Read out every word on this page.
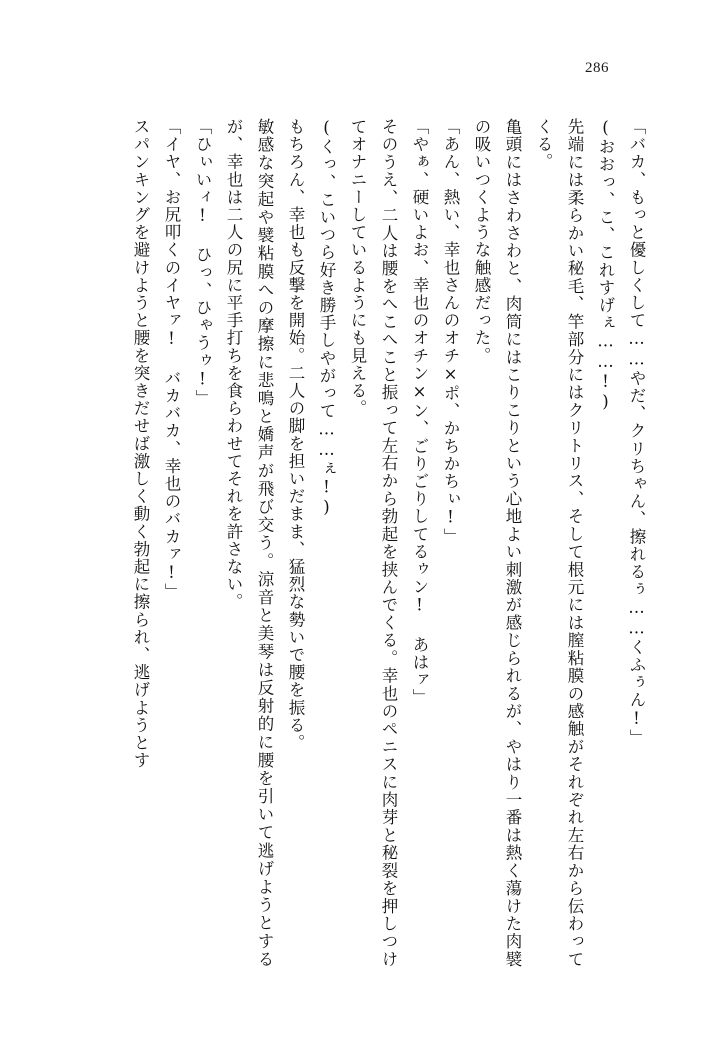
286

「バカ、もっと優しくして……やだ、クリちゃん、擦れるぅ……くふぅん!」

(おおっ、こ、これすげぇ……!)

先端には柔らかい秘毛、竿部分にはクリトリス、そして根元には膣粘膜の感触がそれぞれ左右から伝わってくる。

亀頭にはさわさわと、肉筒にはこりこりという心地よい刺激が感じられるが、やはり一番は熱く蕩けた肉襞の吸いつくような触感だった。

「あん、熱い、幸也さんのオチ×ポ、かちかちぃ!」

「やぁ、硬いよお、幸也のオチン×ン、ごりごりしてるゥン! あはァ」

そのうえ、二人は腰をへこへこと振って左右から勃起を挟んでくる。幸也のペニスに肉芽と秘裂を押しつけてオナニーしているようにも見える。

(くっ、こいつら好き勝手しやがって……ぇ!)

もちろん、幸也も反撃を開始。二人の脚を担いだまま、猛烈な勢いで腰を振る。

敏感な突起や襞粘膜への摩擦に悲鳴と嬌声が飛び交う。涼音と美琴は反射的に腰を引いて逃げようとするが、幸也は二人の尻に平手打ちを食らわせてそれを許さない。

「ひぃいィ! ひっ、ひゃうゥ!」

「イヤ、お尻叩くのイヤァ! バカバカ、幸也のバカァ!」

スパンキングを避けようと腰を突きだせば激しく動く勃起に擦られ、逃げようとす
